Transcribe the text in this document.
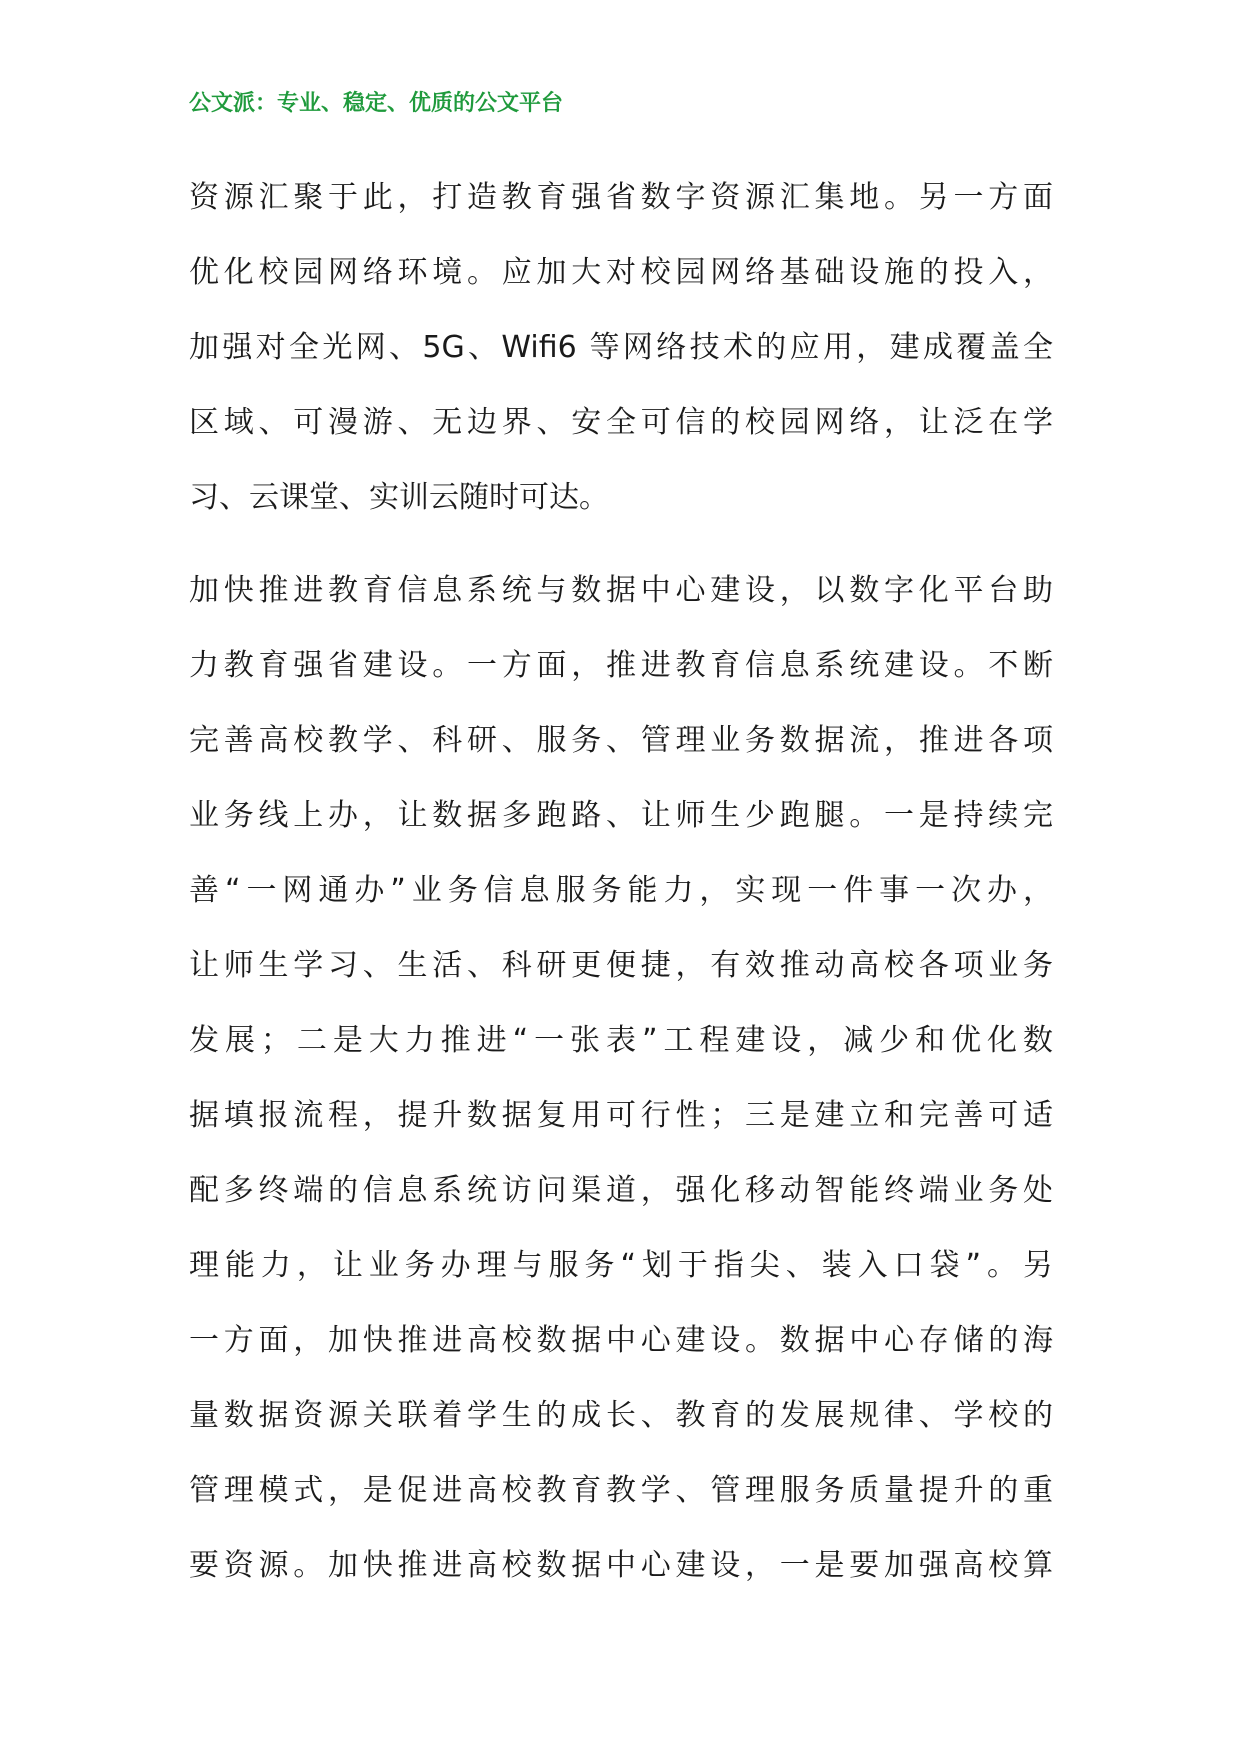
公文派：专业、稳定、优质的公文平台
资源汇聚于此，打造教育强省数字资源汇集地。另一方面
优化校园网络环境。应加大对校园网络基础设施的投入，
加强对全光网、5G、Wifi6 等网络技术的应用，建成覆盖全
区域、可漫游、无边界、安全可信的校园网络，让泛在学
习、云课堂、实训云随时可达。
加快推进教育信息系统与数据中心建设，以数字化平台助
力教育强省建设。一方面，推进教育信息系统建设。不断
完善高校教学、科研、服务、管理业务数据流，推进各项
业务线上办，让数据多跑路、让师生少跑腿。一是持续完
善“一网通办”业务信息服务能力，实现一件事一次办，
让师生学习、生活、科研更便捷，有效推动高校各项业务
发展；二是大力推进“一张表”工程建设，减少和优化数
据填报流程，提升数据复用可行性；三是建立和完善可适
配多终端的信息系统访问渠道，强化移动智能终端业务处
理能力，让业务办理与服务“划于指尖、装入口袋”。另
一方面，加快推进高校数据中心建设。数据中心存储的海
量数据资源关联着学生的成长、教育的发展规律、学校的
管理模式，是促进高校教育教学、管理服务质量提升的重
要资源。加快推进高校数据中心建设，一是要加强高校算
